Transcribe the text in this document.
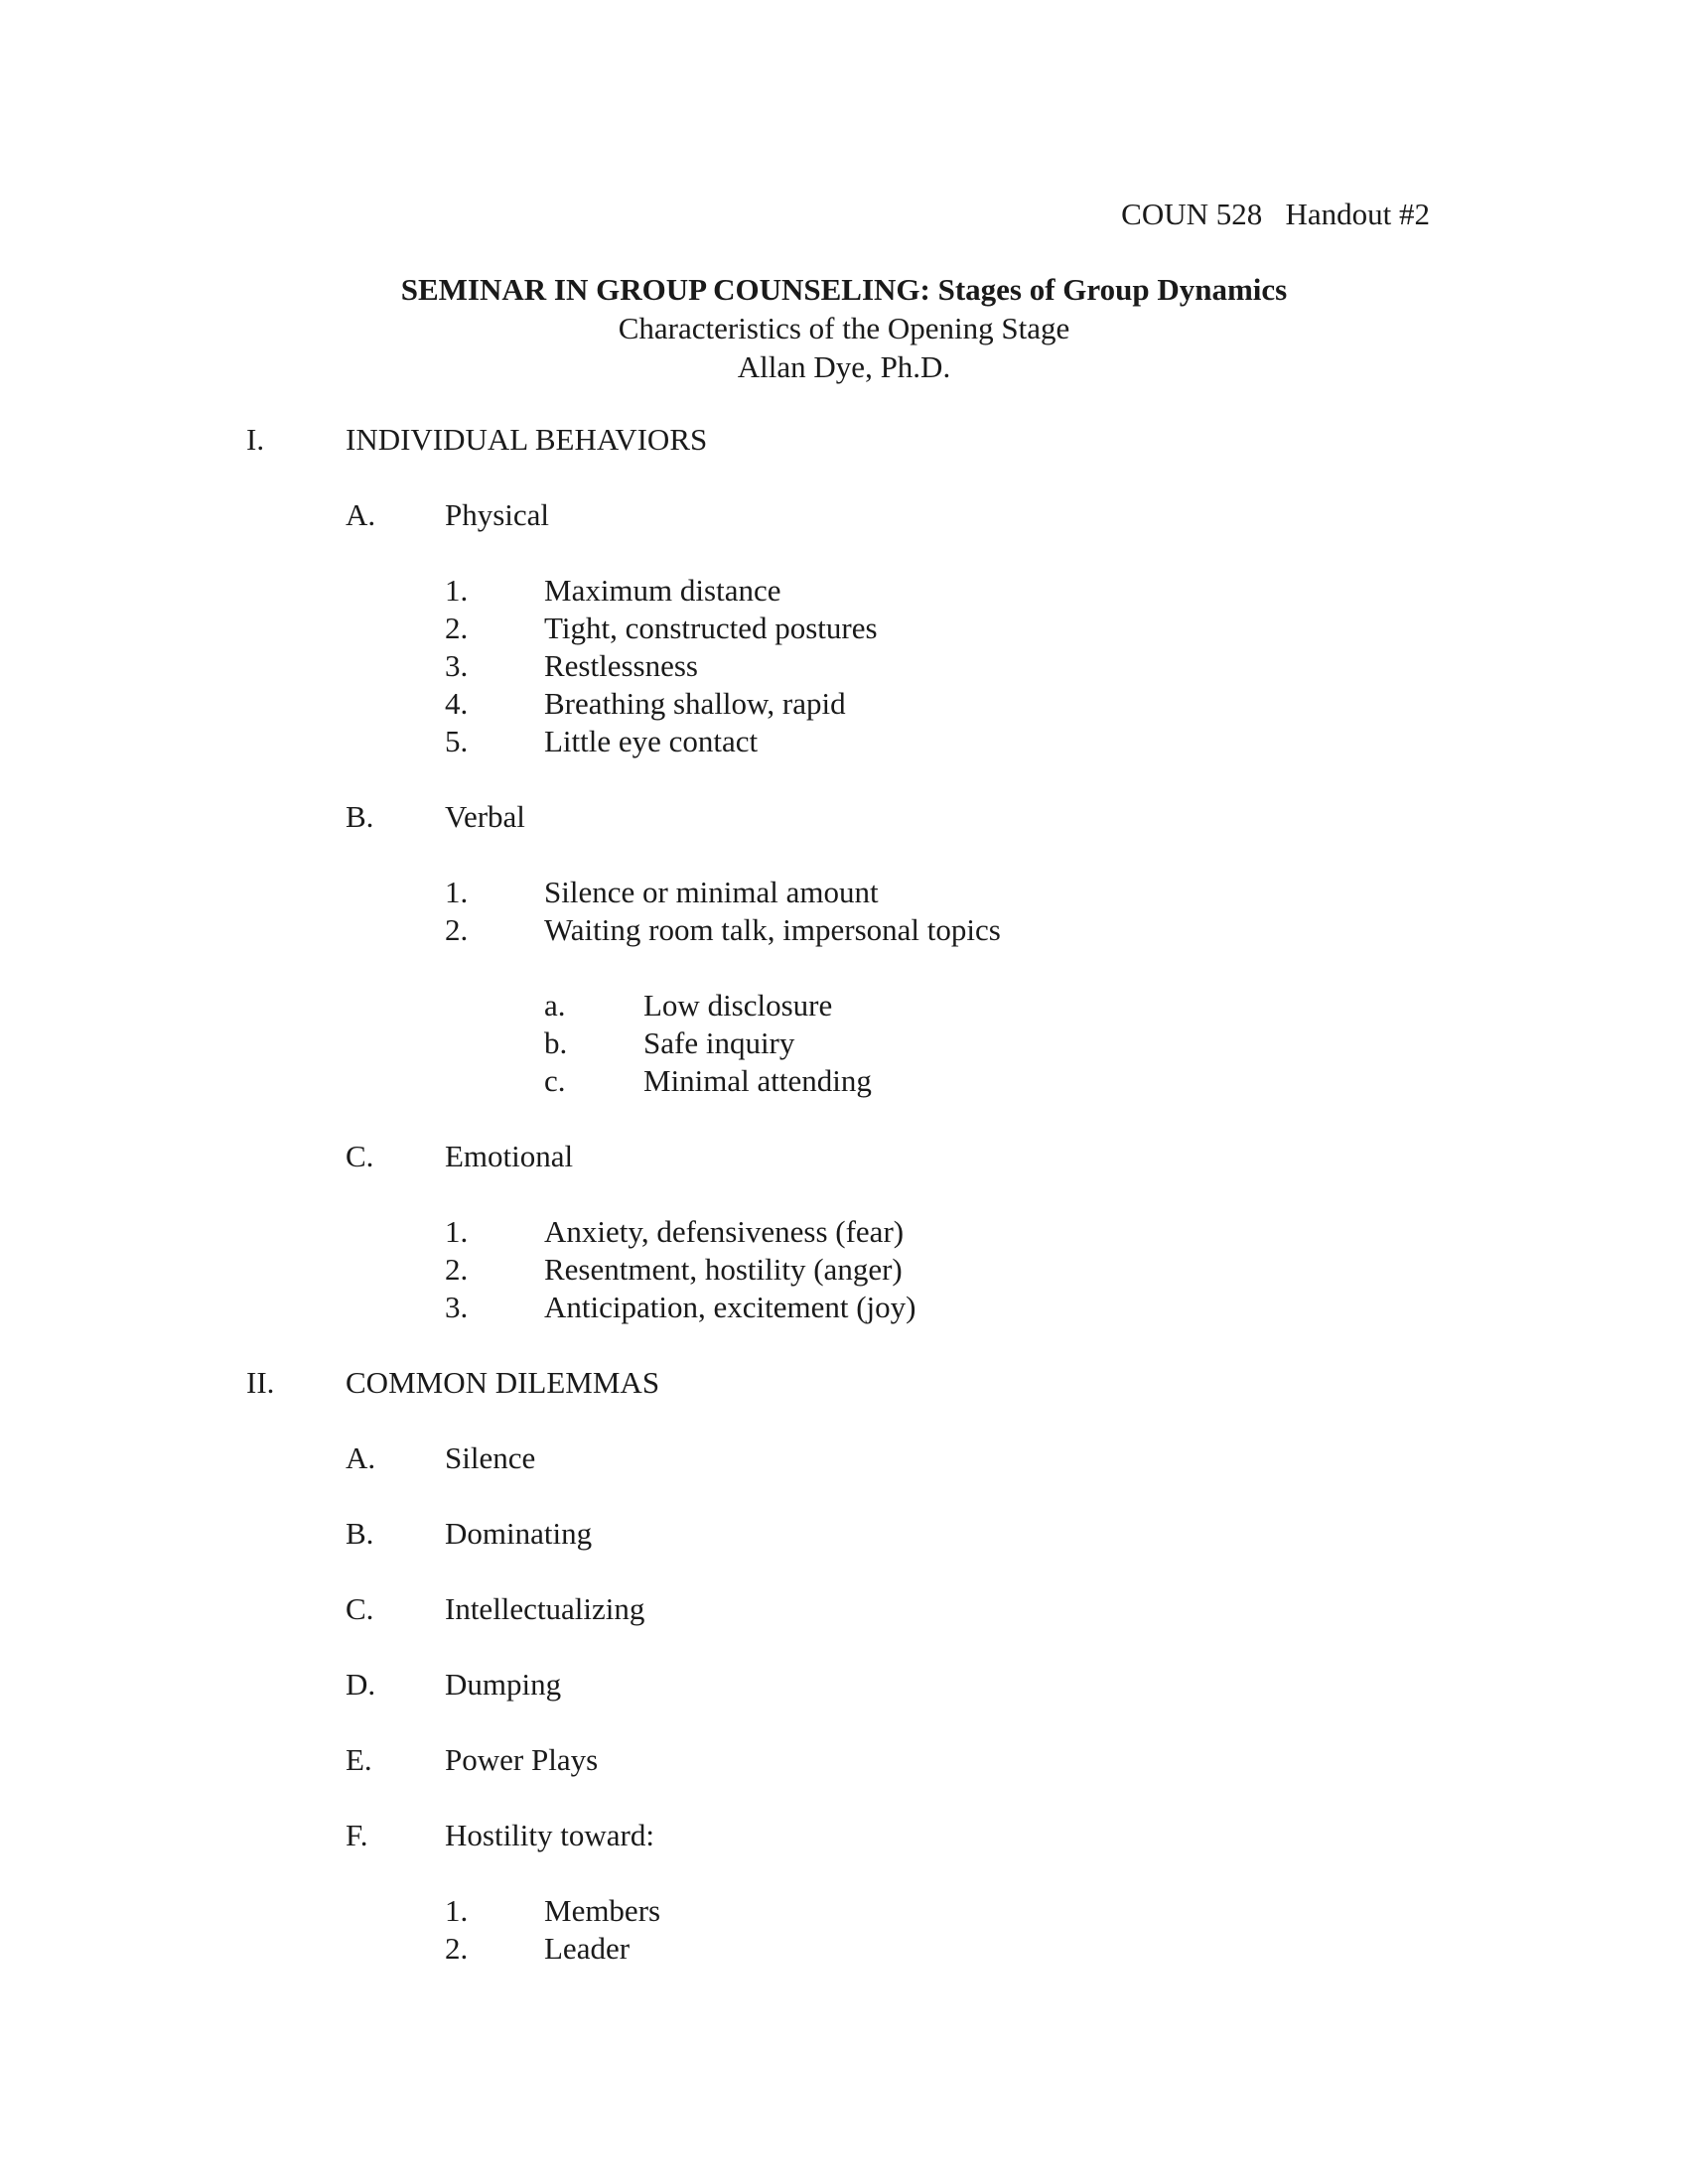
COUN 528   Handout #2
SEMINAR IN GROUP COUNSELING: Stages of Group Dynamics
Characteristics of the Opening Stage
Allan Dye, Ph.D.
I.	INDIVIDUAL BEHAVIORS
A. Physical
1. Maximum distance
2. Tight, constructed postures
3. Restlessness
4. Breathing shallow, rapid
5. Little eye contact
B. Verbal
1. Silence or minimal amount
2. Waiting room talk, impersonal topics
a.	Low disclosure
b. Safe inquiry
c.	Minimal attending
C. Emotional
1. Anxiety, defensiveness (fear)
2. Resentment, hostility (anger)
3. Anticipation, excitement (joy)
II. COMMON DILEMMAS
A. Silence
B. Dominating
C. Intellectualizing
D. Dumping
E. Power Plays
F. Hostility toward:
1. Members
2. Leader
